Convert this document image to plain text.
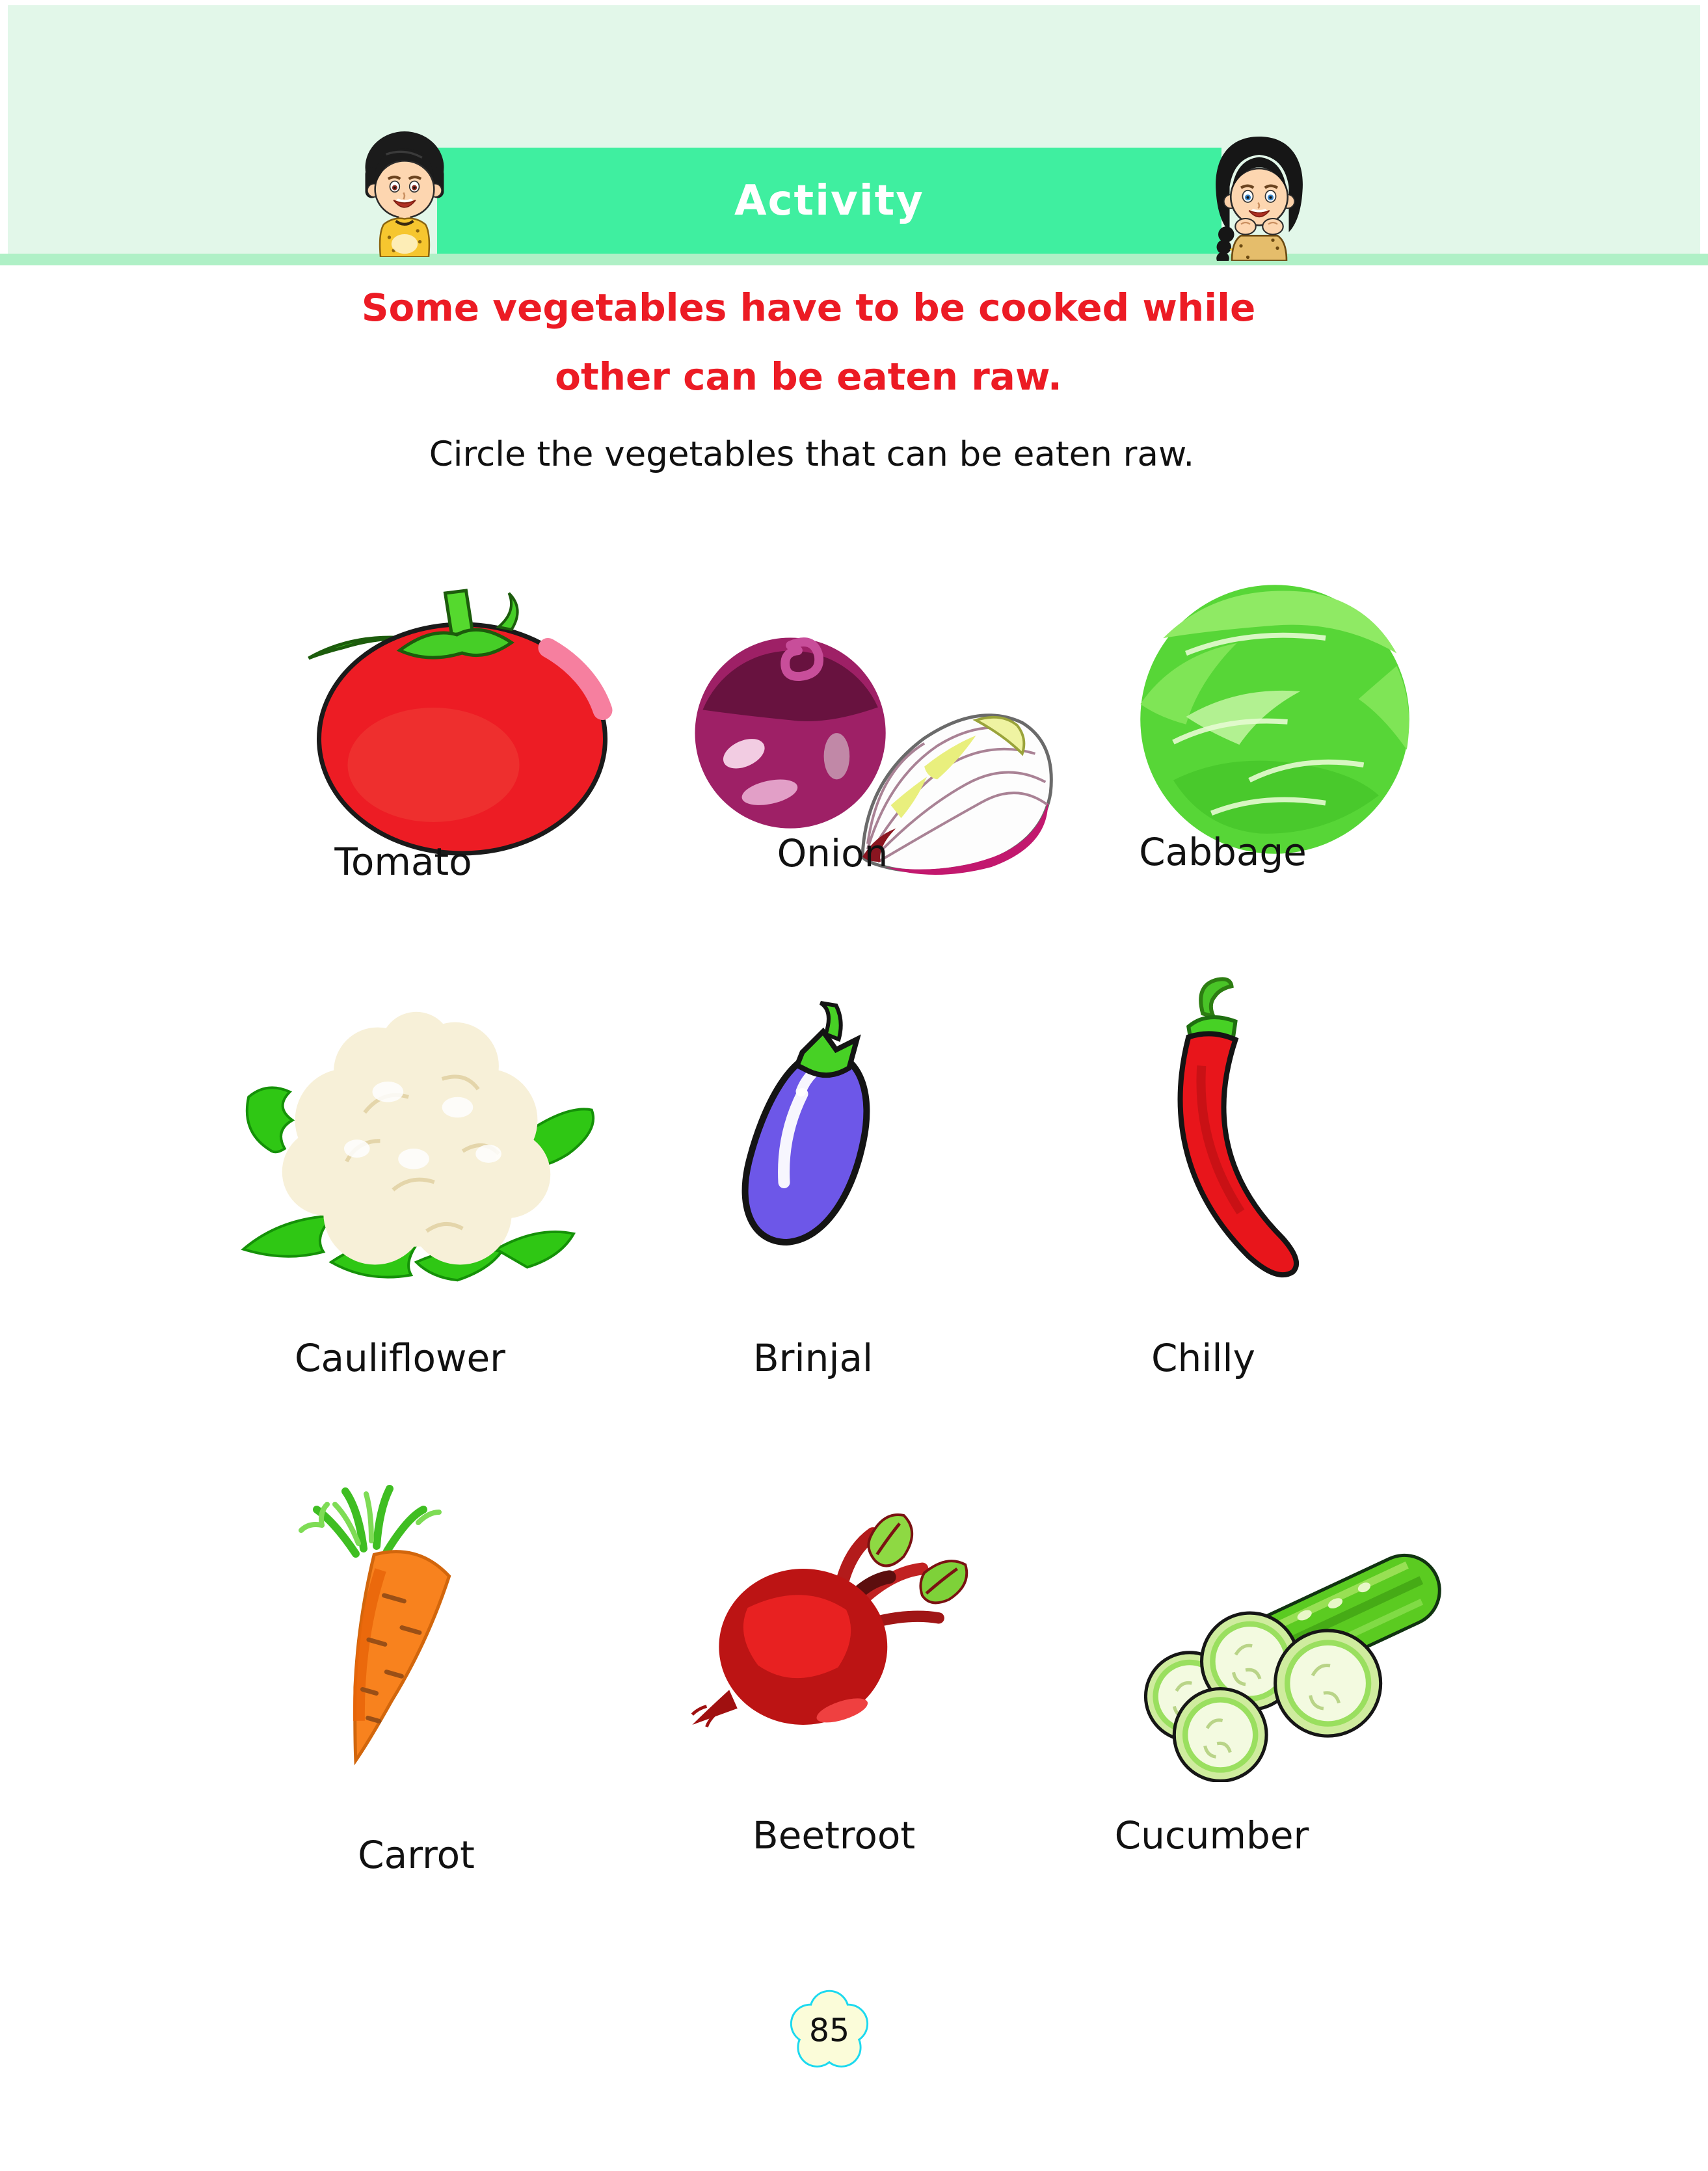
Activity
Some vegetables have to be cooked while
other can be eaten raw.
Circle the vegetables that can be eaten raw.
Tomato	Onion	Cabbage
Cauliflower	Brinjal	Chilly
Carrot	Beetroot	Cucumber
85
